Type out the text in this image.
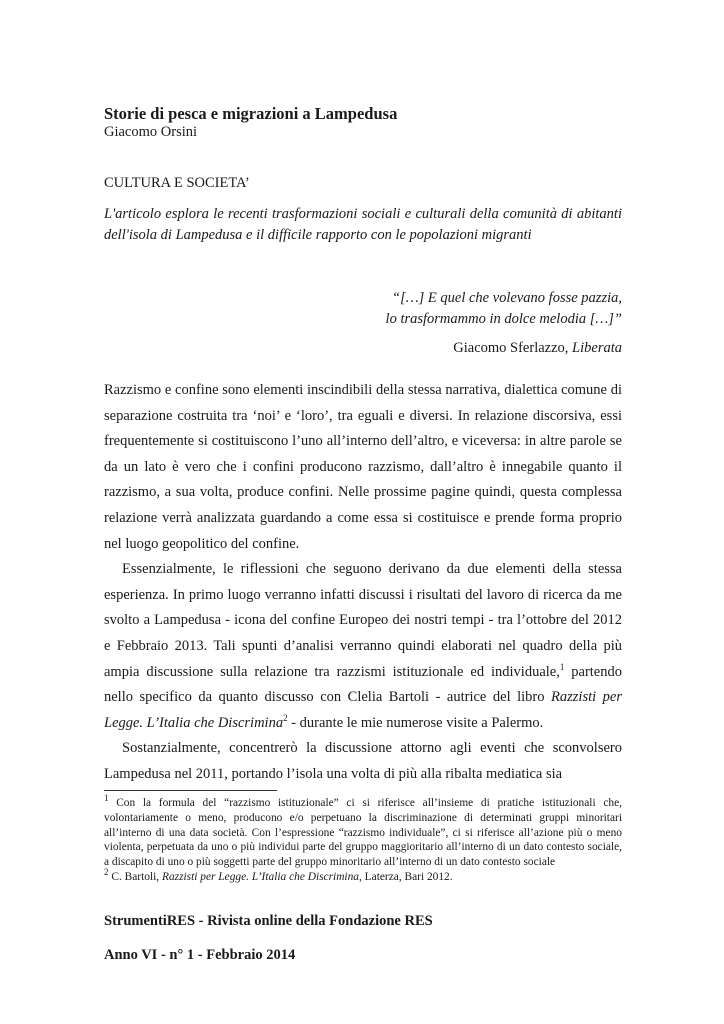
Storie di pesca e migrazioni a Lampedusa
Giacomo Orsini
CULTURA E SOCIETA’
L'articolo esplora le recenti trasformazioni sociali e culturali della comunità di abitanti dell'isola di Lampedusa e il difficile rapporto con le popolazioni migranti
“[…] E quel che volevano fosse pazzia,
lo trasformammo in dolce melodia […]”
Giacomo Sferlazzo, Liberata

Razzismo e confine sono elementi inscindibili della stessa narrativa, dialettica comune di separazione costruita tra ‘noi’ e ‘loro’, tra eguali e diversi. In relazione discorsiva, essi frequentemente si costituiscono l’uno all’interno dell’altro, e viceversa: in altre parole se da un lato è vero che i confini producono razzismo, dall’altro è innegabile quanto il razzismo, a sua volta, produce confini. Nelle prossime pagine quindi, questa complessa relazione verrà analizzata guardando a come essa si costituisce e prende forma proprio nel luogo geopolitico del confine.

Essenzialmente, le riflessioni che seguono derivano da due elementi della stessa esperienza. In primo luogo verranno infatti discussi i risultati del lavoro di ricerca da me svolto a Lampedusa - icona del confine Europeo dei nostri tempi - tra l’ottobre del 2012 e Febbraio 2013. Tali spunti d’analisi verranno quindi elaborati nel quadro della più ampia discussione sulla relazione tra razzismi istituzionale ed individuale,$^1$ partendo nello specifico da quanto discusso con Clelia Bartoli - autrice del libro Razzisti per Legge. L’Italia che Discrimina$^2$ - durante le mie numerose visite a Palermo.

Sostanzialmente, concentrerò la discussione attorno agli eventi che sconvolsero Lampedusa nel 2011, portando l’isola una volta di più alla ribalta mediatica sia

$^1$ Con la formula del “razzismo istituzionale” ci si riferisce all’insieme di pratiche istituzionali che, volontariamente o meno, producono e/o perpetuano la discriminazione di determinati gruppi minoritari all’interno di una data società. Con l’espressione “razzismo individuale”, ci si riferisce all’azione più o meno violenta, perpetuata da uno o più individui parte del gruppo maggioritario all’interno di un dato contesto sociale, a discapito di uno o più soggetti parte del gruppo minoritario all’interno di un dato contesto sociale

$^2$ C. Bartoli, Razzisti per Legge. L’Italia che Discrimina, Laterza, Bari 2012.

StrumentiRES - Rivista online della Fondazione RES
Anno VI - n° 1 - Febbraio 2014
